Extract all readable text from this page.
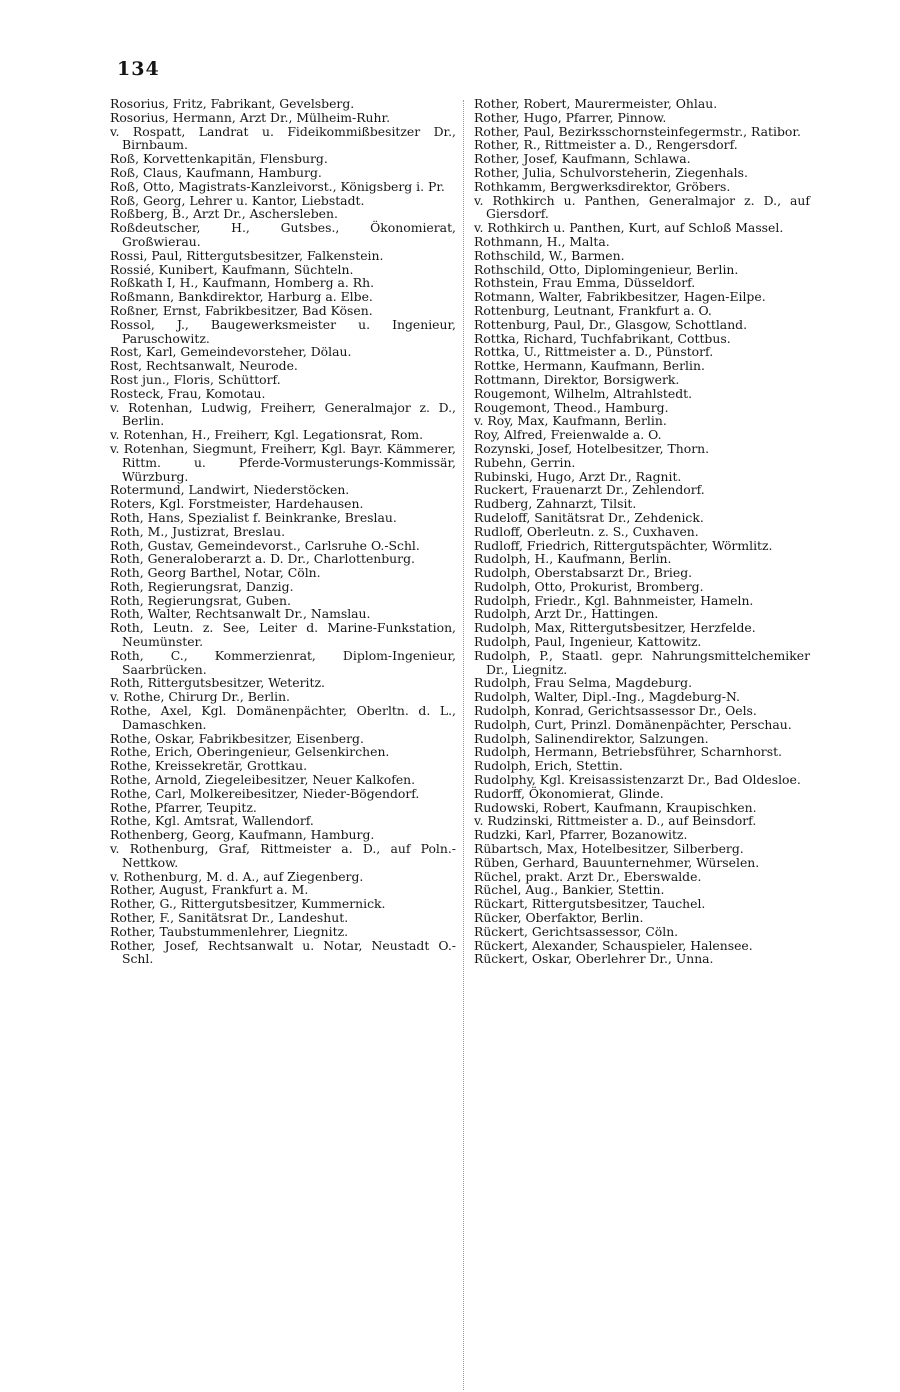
134
Rosorius, Fritz, Fabrikant, Gevelsberg.
Rosorius, Hermann, Arzt Dr., Mülheim-Ruhr.
v. Rospatt, Landrat u. Fideikommißbesitzer Dr., Birnbaum.
Roß, Korvettenkapitän, Flensburg.
Roß, Claus, Kaufmann, Hamburg.
Roß, Otto, Magistrats-Kanzleivorst., Königsberg i. Pr.
Roß, Georg, Lehrer u. Kantor, Liebstadt.
Roßberg, B., Arzt Dr., Aschersleben.
Roßdeutscher, H., Gutsbes., Ökonomierat, Großwierau.
Rossi, Paul, Rittergutsbesitzer, Falkenstein.
Rossié, Kunibert, Kaufmann, Süchteln.
Roßkath I, H., Kaufmann, Homberg a. Rh.
Roßmann, Bankdirektor, Harburg a. Elbe.
Roßner, Ernst, Fabrikbesitzer, Bad Kösen.
Rossol, J., Baugewerksmeister u. Ingenieur, Paruschowitz.
Rost, Karl, Gemeindevorsteher, Dölau.
Rost, Rechtsanwalt, Neurode.
Rost jun., Floris, Schüttorf.
Rosteck, Frau, Komotau.
v. Rotenhan, Ludwig, Freiherr, Generalmajor z. D., Berlin.
v. Rotenhan, H., Freiherr, Kgl. Legationsrat, Rom.
v. Rotenhan, Siegmunt, Freiherr, Kgl. Bayr. Kämmerer, Rittm. u. Pferde-Vormusterungs-Kommissär, Würzburg.
Rotermund, Landwirt, Niederstöcken.
Roters, Kgl. Forstmeister, Hardehausen.
Roth, Hans, Spezialist f. Beinkranke, Breslau.
Roth, M., Justizrat, Breslau.
Roth, Gustav, Gemeindevorst., Carlsruhe O.-Schl.
Roth, Generaloberarzt a. D. Dr., Charlottenburg.
Roth, Georg Barthel, Notar, Cöln.
Roth, Regierungsrat, Danzig.
Roth, Regierungsrat, Guben.
Roth, Walter, Rechtsanwalt Dr., Namslau.
Roth, Leutn. z. See, Leiter d. Marine-Funkstation, Neumünster.
Roth, C., Kommerzienrat, Diplom-Ingenieur, Saarbrücken.
Roth, Rittergutsbesitzer, Weteritz.
v. Rothe, Chirurg Dr., Berlin.
Rothe, Axel, Kgl. Domänenpächter, Oberltn. d. L., Damaschken.
Rothe, Oskar, Fabrikbesitzer, Eisenberg.
Rothe, Erich, Oberingenieur, Gelsenkirchen.
Rothe, Kreissekretär, Grottkau.
Rothe, Arnold, Ziegeleibesitzer, Neuer Kalkofen.
Rothe, Carl, Molkereibesitzer, Nieder-Bögendorf.
Rothe, Pfarrer, Teupitz.
Rothe, Kgl. Amtsrat, Wallendorf.
Rothenberg, Georg, Kaufmann, Hamburg.
v. Rothenburg, Graf, Rittmeister a. D., auf Poln.-Nettkow.
v. Rothenburg, M. d. A., auf Ziegenberg.
Rother, August, Frankfurt a. M.
Rother, G., Rittergutsbesitzer, Kummernick.
Rother, F., Sanitätsrat Dr., Landeshut.
Rother, Taubstummenlehrer, Liegnitz.
Rother, Josef, Rechtsanwalt u. Notar, Neustadt O.-Schl.
Rother, Robert, Maurermeister, Ohlau.
Rother, Hugo, Pfarrer, Pinnow.
Rother, Paul, Bezirksschornsteinfegermstr., Ratibor.
Rother, R., Rittmeister a. D., Rengersdorf.
Rother, Josef, Kaufmann, Schlawa.
Rother, Julia, Schulvorsteherin, Ziegenhals.
Rothkamm, Bergwerksdirektor, Gröbers.
v. Rothkirch u. Panthen, Generalmajor z. D., auf Giersdorf.
v. Rothkirch u. Panthen, Kurt, auf Schloß Massel.
Rothmann, H., Malta.
Rothschild, W., Barmen.
Rothschild, Otto, Diplomingenieur, Berlin.
Rothstein, Frau Emma, Düsseldorf.
Rotmann, Walter, Fabrikbesitzer, Hagen-Eilpe.
Rottenburg, Leutnant, Frankfurt a. O.
Rottenburg, Paul, Dr., Glasgow, Schottland.
Rottka, Richard, Tuchfabrikant, Cottbus.
Rottka, U., Rittmeister a. D., Pünstorf.
Rottke, Hermann, Kaufmann, Berlin.
Rottmann, Direktor, Borsigwerk.
Rougemont, Wilhelm, Altrahlstedt.
Rougemont, Theod., Hamburg.
v. Roy, Max, Kaufmann, Berlin.
Roy, Alfred, Freienwalde a. O.
Rozynski, Josef, Hotelbesitzer, Thorn.
Rubehn, Gerrin.
Rubinski, Hugo, Arzt Dr., Ragnit.
Ruckert, Frauenarzt Dr., Zehlendorf.
Rudberg, Zahnarzt, Tilsit.
Rudeloff, Sanitätsrat Dr., Zehdenick.
Rudloff, Oberleutn. z. S., Cuxhaven.
Rudloff, Friedrich, Rittergutspächter, Wörmlitz.
Rudolph, H., Kaufmann, Berlin.
Rudolph, Oberstabsarzt Dr., Brieg.
Rudolph, Otto, Prokurist, Bromberg.
Rudolph, Friedr., Kgl. Bahnmeister, Hameln.
Rudolph, Arzt Dr., Hattingen.
Rudolph, Max, Rittergutsbesitzer, Herzfelde.
Rudolph, Paul, Ingenieur, Kattowitz.
Rudolph, P., Staatl. gepr. Nahrungsmittelchemiker Dr., Liegnitz.
Rudolph, Frau Selma, Magdeburg.
Rudolph, Walter, Dipl.-Ing., Magdeburg-N.
Rudolph, Konrad, Gerichtsassessor Dr., Oels.
Rudolph, Curt, Prinzl. Domänenpächter, Perschau.
Rudolph, Salinendirektor, Salzungen.
Rudolph, Hermann, Betriebsführer, Scharnhorst.
Rudolph, Erich, Stettin.
Rudolphy, Kgl. Kreisassistenzarzt Dr., Bad Oldesloe.
Rudorff, Ökonomierat, Glinde.
Rudowski, Robert, Kaufmann, Kraupischken.
v. Rudzinski, Rittmeister a. D., auf Beinsdorf.
Rudzki, Karl, Pfarrer, Bozanowitz.
Rübartsch, Max, Hotelbesitzer, Silberberg.
Rüben, Gerhard, Bauunternehmer, Würselen.
Rüchel, prakt. Arzt Dr., Eberswalde.
Rüchel, Aug., Bankier, Stettin.
Rückart, Rittergutsbesitzer, Tauchel.
Rücker, Oberfaktor, Berlin.
Rückert, Gerichtsassessor, Cöln.
Rückert, Alexander, Schauspieler, Halensee.
Rückert, Oskar, Oberlehrer Dr., Unna.
